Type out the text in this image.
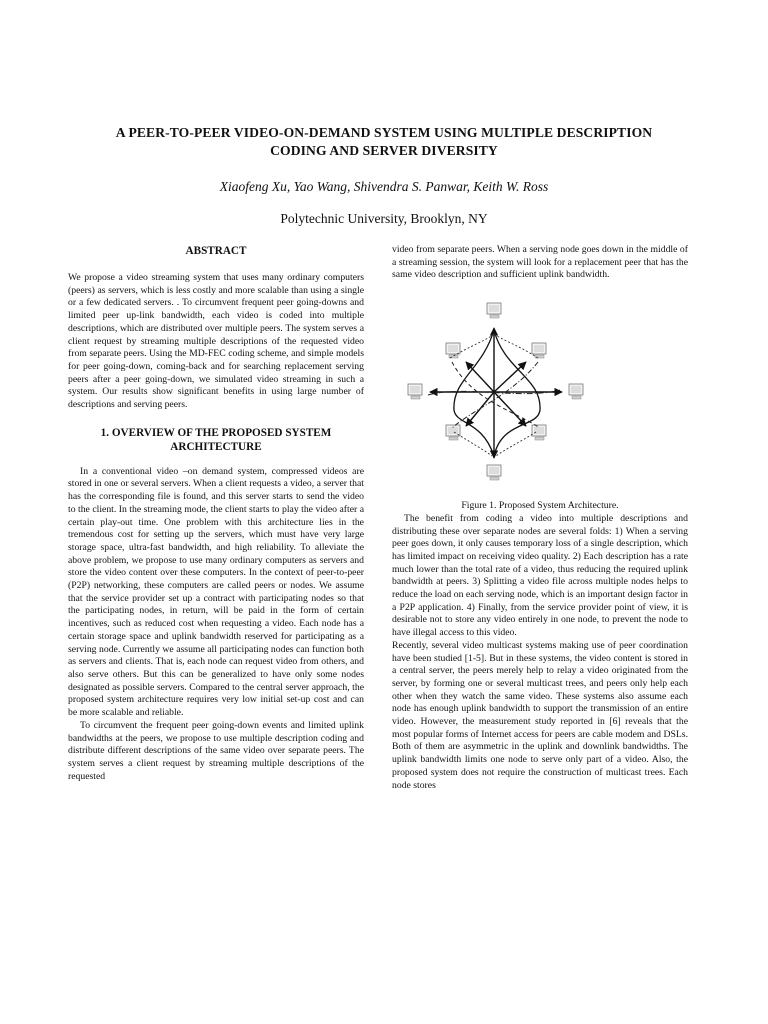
A PEER-TO-PEER VIDEO-ON-DEMAND SYSTEM USING MULTIPLE DESCRIPTION
CODING AND SERVER DIVERSITY
Xiaofeng Xu, Yao Wang, Shivendra S. Panwar, Keith W. Ross
Polytechnic University, Brooklyn, NY
ABSTRACT

We propose a video streaming system that uses many ordinary computers (peers) as servers, which is less costly and more scalable than using a single or a few dedicated servers. . To circumvent frequent peer going-downs and limited peer up-link bandwidth, each video is coded into multiple descriptions, which are distributed over multiple peers. The system serves a client request by streaming multiple descriptions of the requested video from separate peers. Using the MD-FEC coding scheme, and simple models for peer going-down, coming-back and for searching replacement serving peers after a peer going-down, we simulated video streaming in such a system. Our results show significant benefits in using large number of descriptions and serving peers.

1. OVERVIEW OF THE PROPOSED SYSTEM
ARCHITECTURE

In a conventional video –on demand system, compressed videos are stored in one or several servers. When a client requests a video, a server that has the corresponding file is found, and this server starts to send the video to the client. In the streaming mode, the client starts to play the video after a certain play-out time. One problem with this architecture lies in the tremendous cost for setting up the servers, which must have very large storage space, ultra-fast bandwidth, and high reliability. To alleviate the above problem, we propose to use many ordinary computers as servers and store the video content over these computers. In the context of peer-to-peer (P2P) networking, these computers are called peers or nodes. We assume that the service provider set up a contract with participating nodes so that the participating nodes, in return, will be paid in the form of certain incentives, such as reduced cost when requesting a video. Each node has a certain storage space and uplink bandwidth reserved for participating as a serving node. Currently we assume all participating nodes can function both as servers and clients. That is, each node can request video from others, and also serve others. But this can be generalized to have only some nodes designated as possible servers. Compared to the central server approach, the proposed system architecture requires very low initial set-up cost and can be more scalable and reliable.

To circumvent the frequent peer going-down events and limited uplink bandwidths at the peers, we propose to use multiple description coding and distribute different descriptions of the same video over separate peers. The system serves a client request by streaming multiple descriptions of the requested

video from separate peers. When a serving node goes down in the middle of a streaming session, the system will look for a replacement peer that has the same video description and sufficient uplink bandwidth.

Figure 1. Proposed System Architecture.

The benefit from coding a video into multiple descriptions and distributing these over separate nodes are several folds: 1) When a serving peer goes down, it only causes temporary loss of a single description, which has limited impact on receiving video quality. 2) Each description has a rate much lower than the total rate of a video, thus reducing the required uplink bandwidth at peers. 3) Splitting a video file across multiple nodes helps to reduce the load on each serving node, which is an important design factor in a P2P application. 4) Finally, from the service provider point of view, it is desirable not to store any video entirely in one node, to prevent the node to have illegal access to this video.

Recently, several video multicast systems making use of peer coordination have been studied [1-5]. But in these systems, the video content is stored in a central server, the peers merely help to relay a video originated from the server, by forming one or several multicast trees, and peers only help each other when they watch the same video. These systems also assume each node has enough uplink bandwidth to support the transmission of an entire video. However, the measurement study reported in [6] reveals that the most popular forms of Internet access for peers are cable modem and DSLs. Both of them are asymmetric in the uplink and downlink bandwidths. The uplink bandwidth limits one node to serve only part of a video. Also, the proposed system does not require the construction of multicast trees. Each node stores
